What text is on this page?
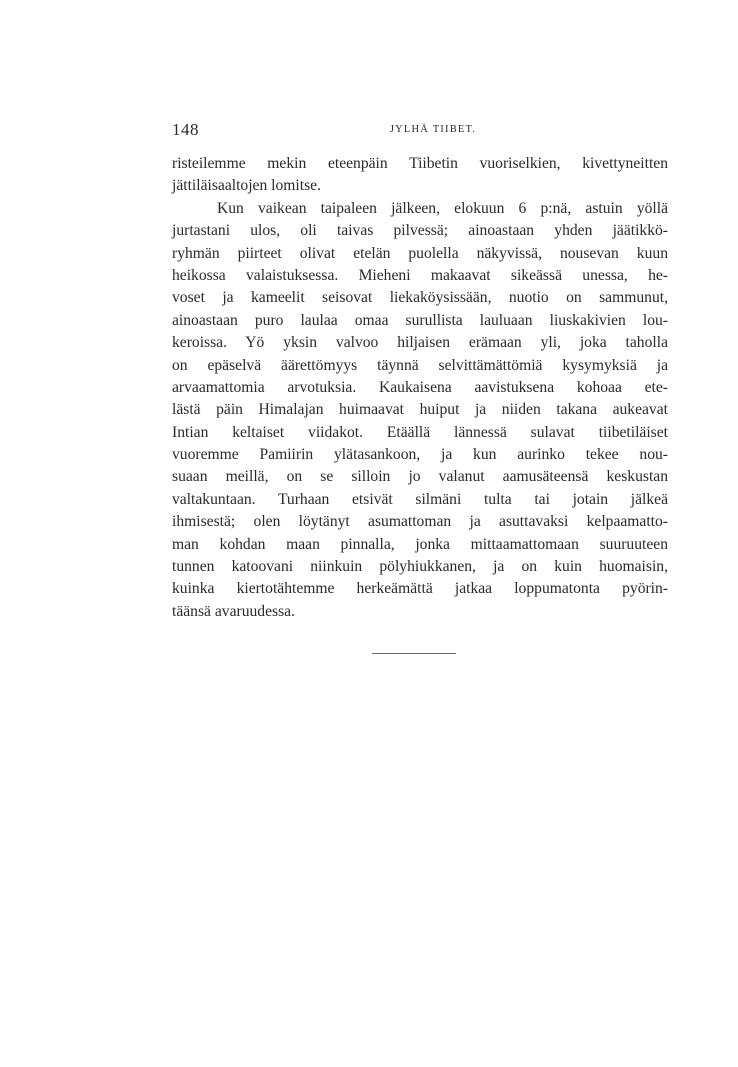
148	JYLHÄ TIIBET.
risteilemme mekin eteenpäin Tiibetin vuoriselkien, kivettyneitten
jättiläisaaltojen lomitse.
Kun vaikean taipaleen jälkeen, elokuun 6 p:nä, astuin yöllä
jurtastani ulos, oli taivas pilvessä; ainoastaan yhden jäätikkö-
ryhmän piirteet olivat etelän puolella näkyvissä, nousevan kuun
heikossa valaistuksessa. Mieheni makaavat sikeässä unessa, he-
voset ja kameelit seisovat liekaköysissään, nuotio on sammunut,
ainoastaan puro laulaa omaa surullista lauluaan liuskakivien lou-
keroissa. Yö yksin valvoo hiljaisen erämaan yli, joka taholla
on epäselvä äärettömyys täynnä selvittämättömiä kysymyksiä ja
arvaamattomia arvotuksia. Kaukaisena aavistuksena kohoaa ete-
lästä päin Himalajan huimaavat huiput ja niiden takana aukeavat
Intian keltaiset viidakot. Etäällä lännessä sulavat tiibetiläiset
vuoremme Pamiirin ylätasankoon, ja kun aurinko tekee nou-
suaan meillä, on se silloin jo valanut aamusäteensä keskustan
valtakuntaan. Turhaan etsivät silmäni tulta tai jotain jälkeä
ihmisestä; olen löytänyt asumattoman ja asuttavaksi kelpaamatto-
man kohdan maan pinnalla, jonka mittaamattomaan suuruuteen
tunnen katoovani niinkuin pölyhiukkanen, ja on kuin huomaisin,
kuinka kiertotähtemme herkeämättä jatkaa loppumatonta pyörin-
täänsä avaruudessa.
